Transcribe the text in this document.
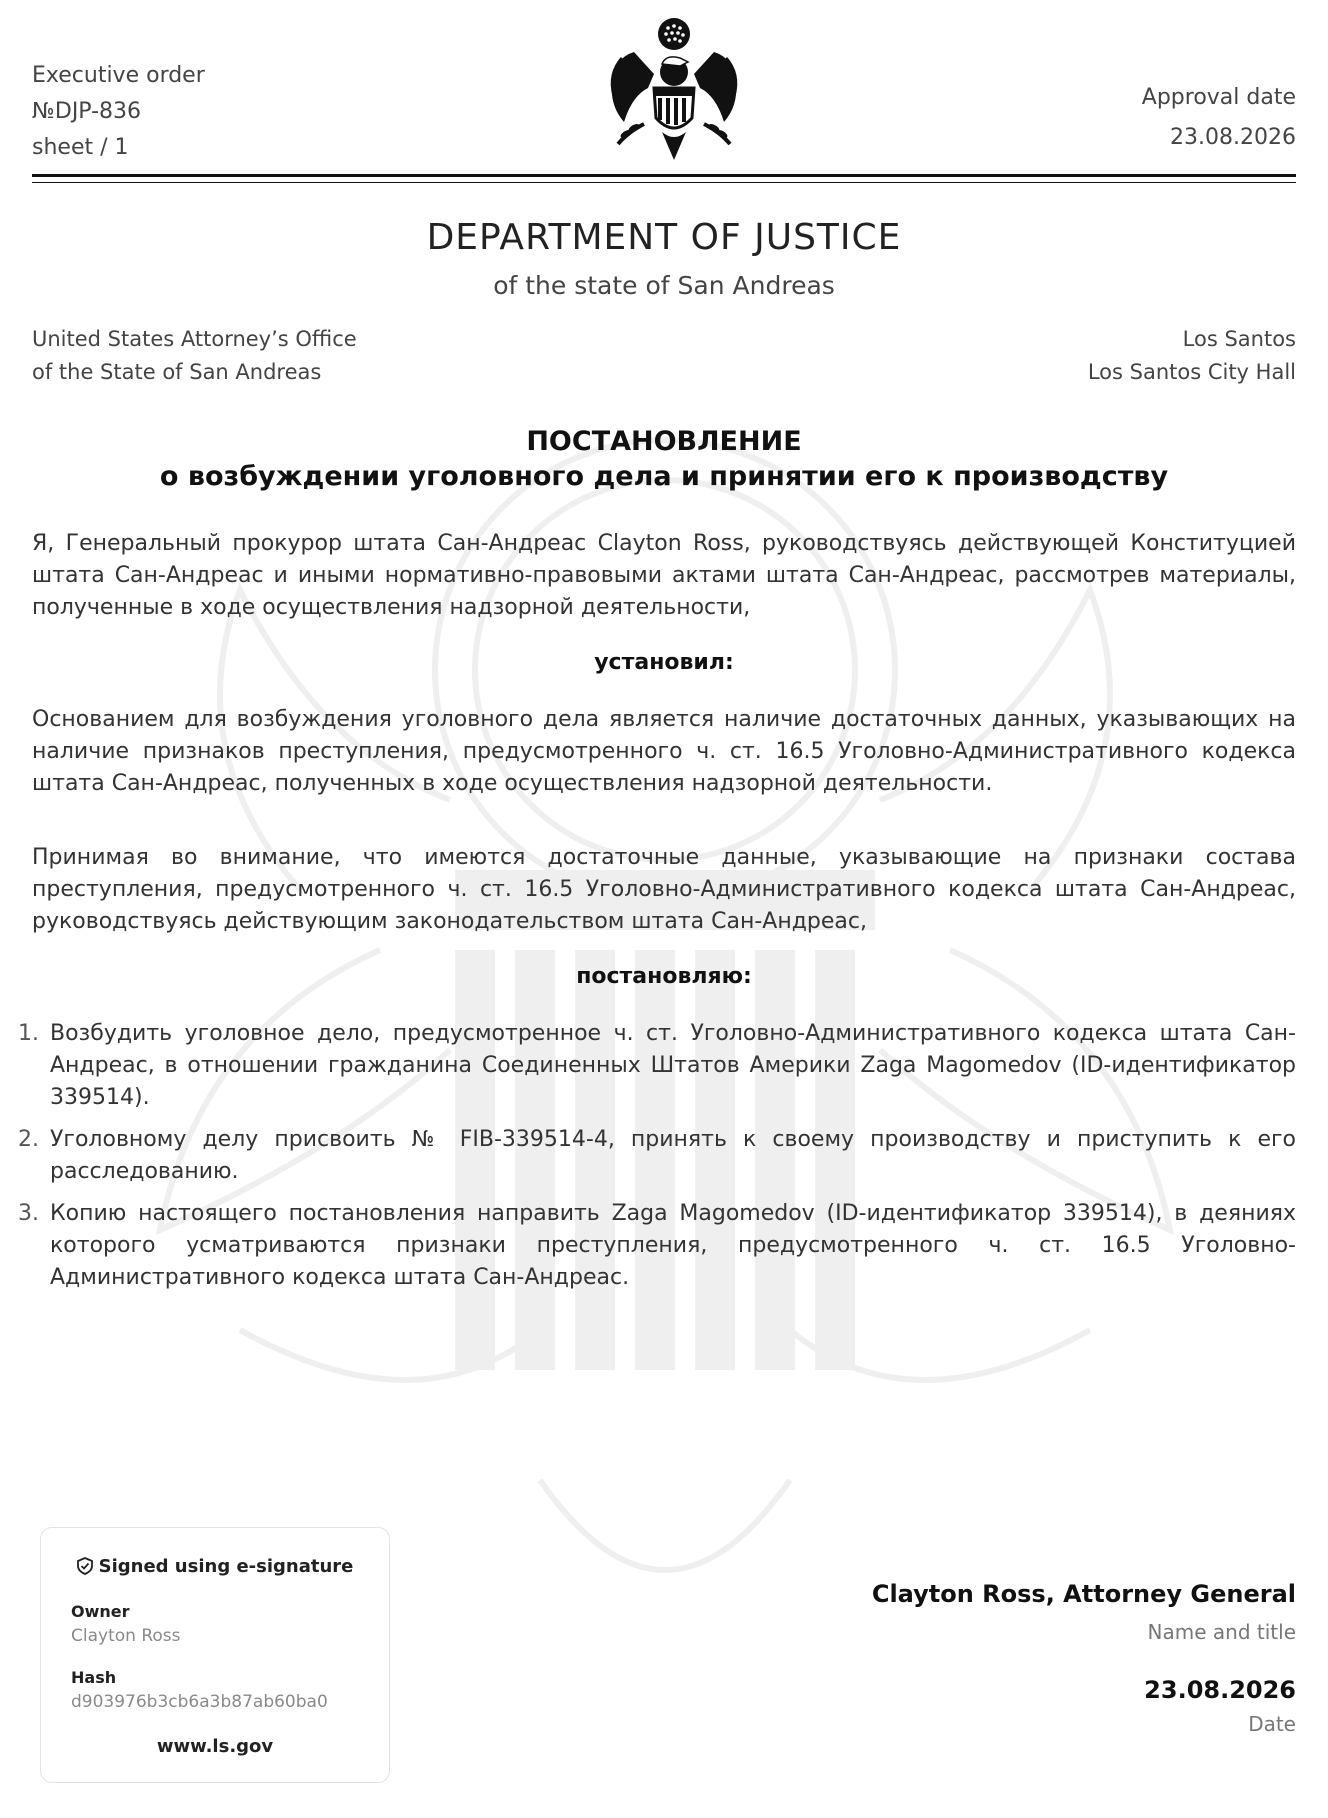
Executive order
№DJP-836
sheet / 1
Approval date
23.08.2026
DEPARTMENT OF JUSTICE
of the state of San Andreas
United States Attorney’s Office
of the State of San Andreas
Los Santos
Los Santos City Hall
ПОСТАНОВЛЕНИЕ
о возбуждении уголовного дела и принятии его к производству
Я, Генеральный прокурор штата Сан-Андреас Clayton Ross, руководствуясь действующей Конституцией штата Сан-Андреас и иными нормативно-правовыми актами штата Сан-Андреас, рассмотрев материалы, полученные в ходе осуществления надзорной деятельности,
установил:
Основанием для возбуждения уголовного дела является наличие достаточных данных, указывающих на наличие признаков преступления, предусмотренного ч. ст. 16.5 Уголовно-Административного кодекса штата Сан-Андреас, полученных в ходе осуществления надзорной деятельности.
Принимая во внимание, что имеются достаточные данные, указывающие на признаки состава преступления, предусмотренного ч. ст. 16.5 Уголовно-Административного кодекса штата Сан-Андреас, руководствуясь действующим законодательством штата Сан-Андреас,
постановляю:
1. Возбудить уголовное дело, предусмотренное ч. ст. Уголовно-Административного кодекса штата Сан-Андреас, в отношении гражданина Соединенных Штатов Америки Zaga Magomedov (ID-идентификатор 339514).
2. Уголовному делу присвоить № FIB-339514-4, принять к своему производству и приступить к его расследованию.
3. Копию настоящего постановления направить Zaga Magomedov (ID-идентификатор 339514), в деяниях которого усматриваются признаки преступления, предусмотренного ч. ст. 16.5 Уголовно-Административного кодекса штата Сан-Андреас.
Signed using e-signature
Owner
Clayton Ross
Hash
d903976b3cb6a3b87ab60ba0
www.ls.gov
Clayton Ross, Attorney General
Name and title
23.08.2026
Date
